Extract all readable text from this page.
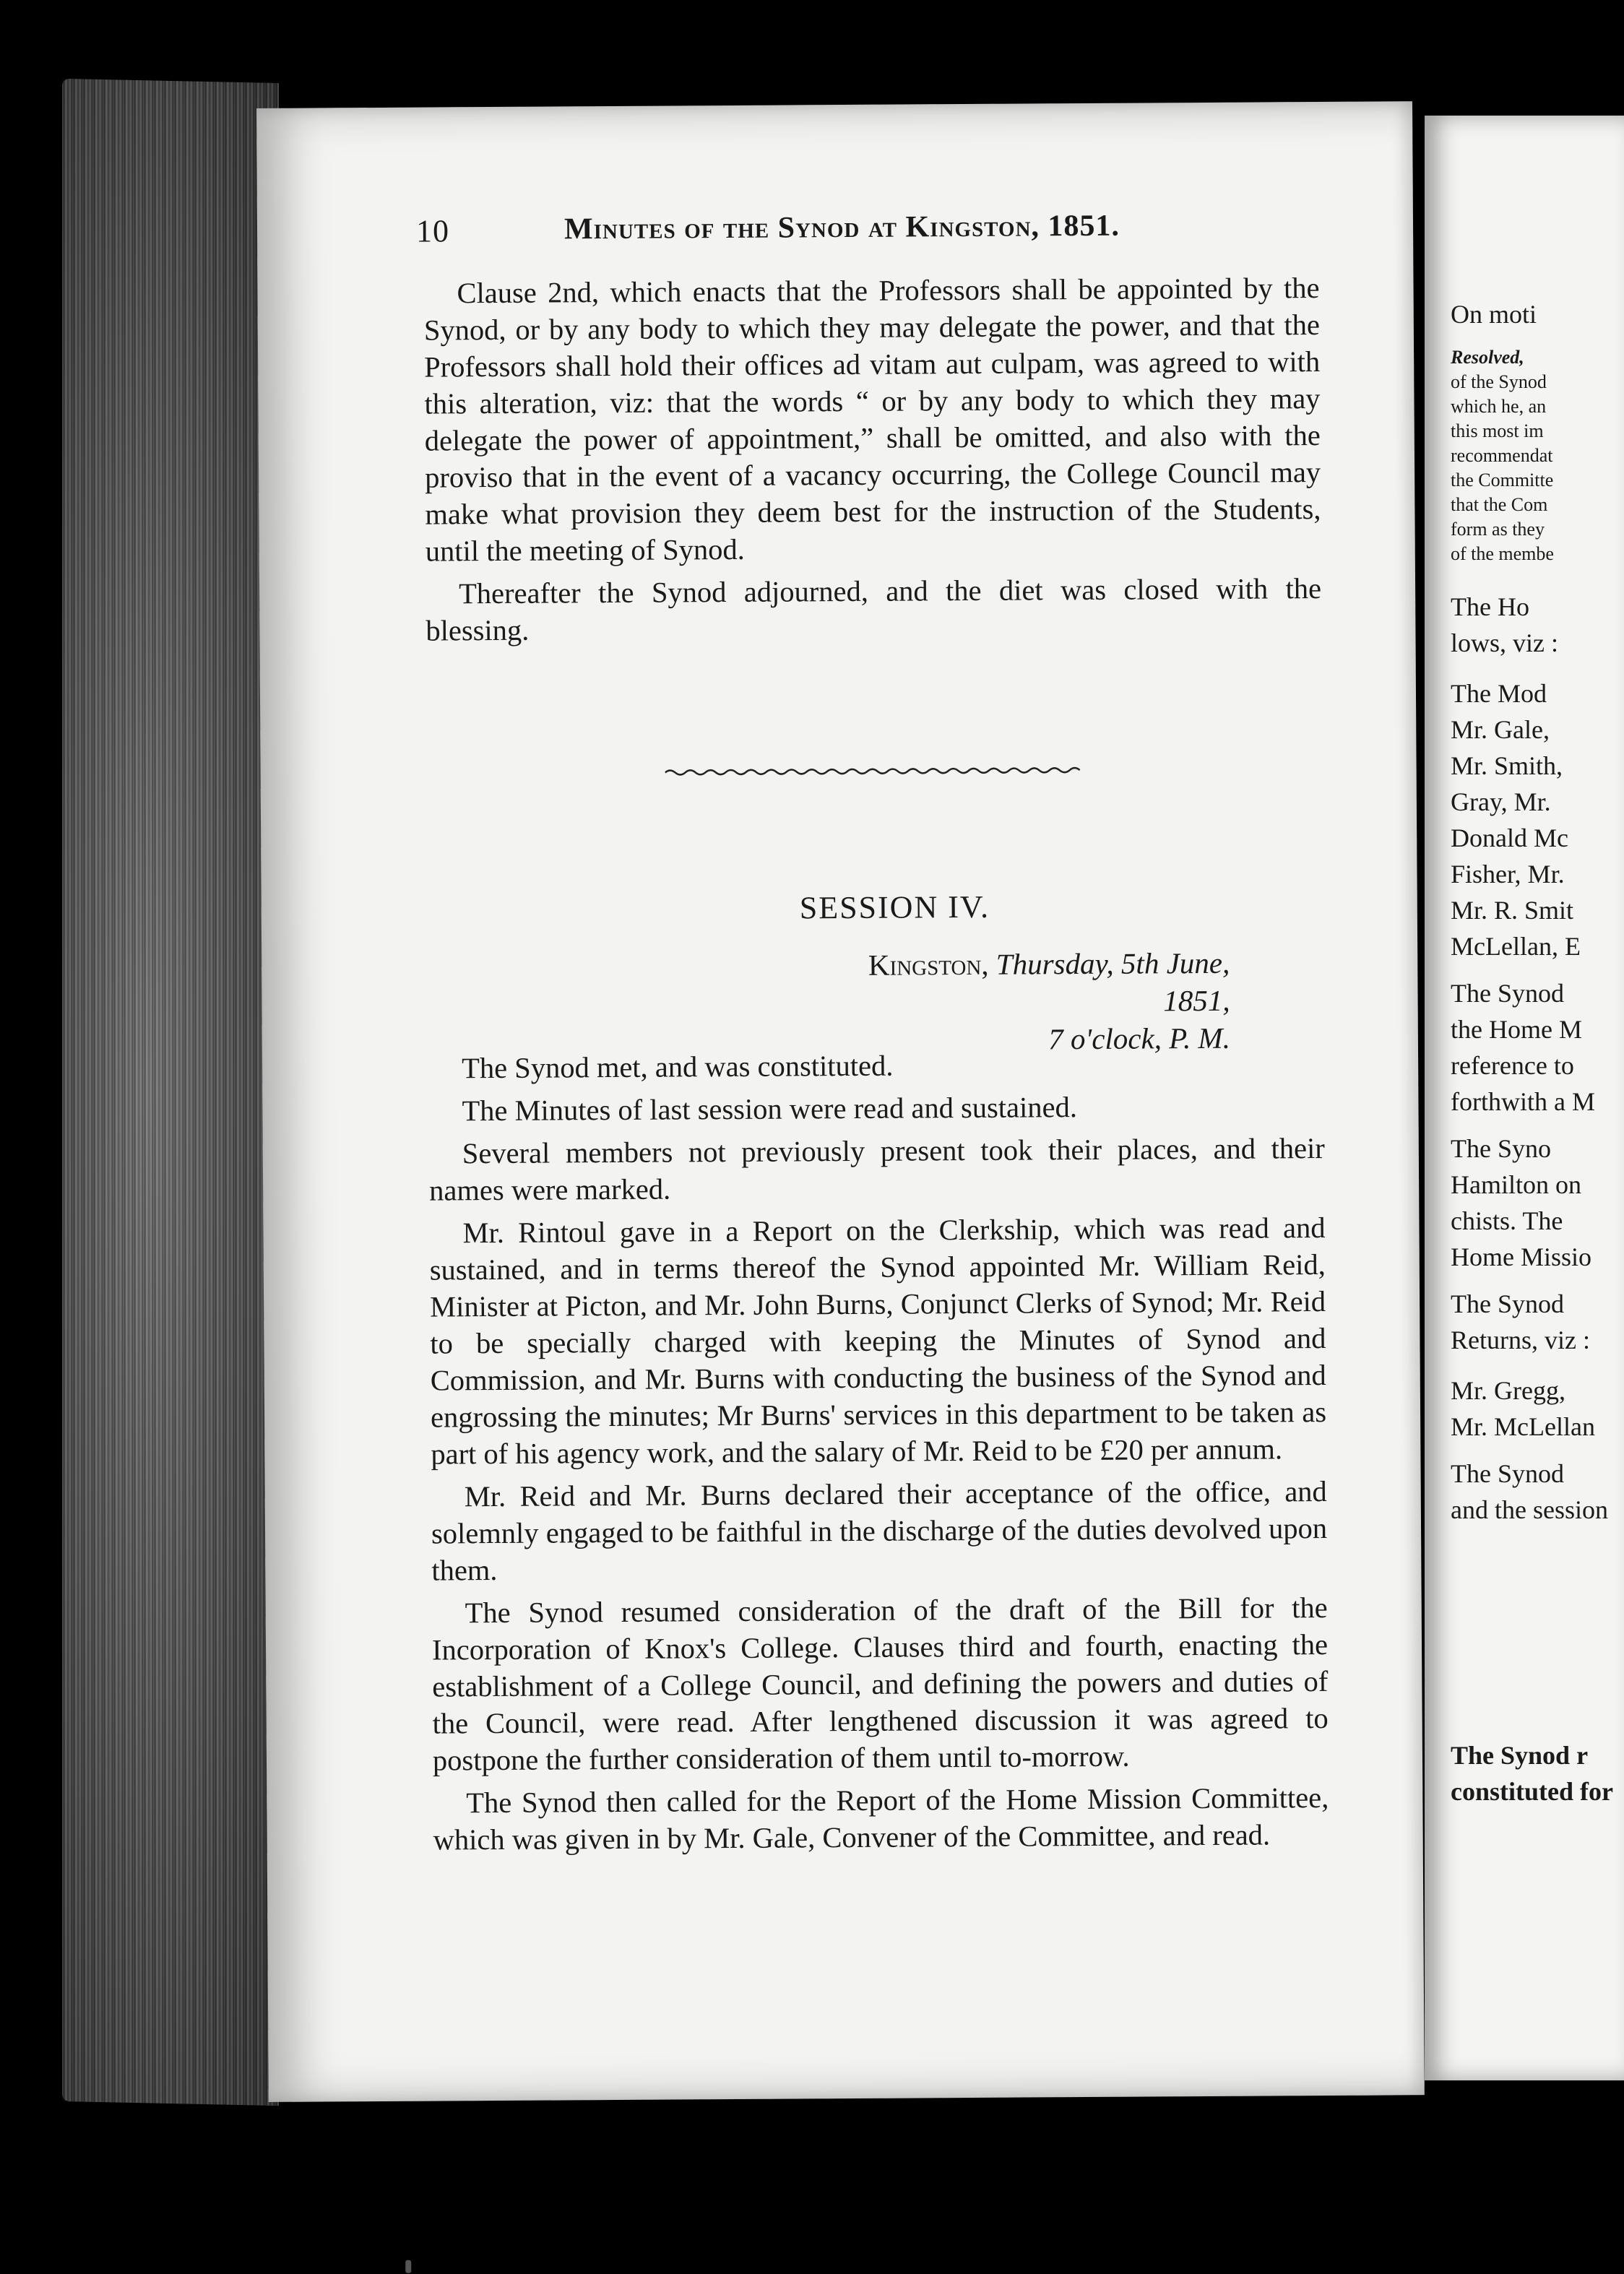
10	Minutes of the Synod at Kingston, 1851.

Clause 2nd, which enacts that the Professors shall be appointed by the Synod, or by any body to which they may delegate the power, and that the Professors shall hold their offices ad vitam aut culpam, was agreed to with this alteration, viz: that the words “ or by any body to which they may delegate the power of appointment,” shall be omitted, and also with the proviso that in the event of a vacancy occurring, the College Council may make what provision they deem best for the instruction of the Students, until the meeting of Synod.

Thereafter the Synod adjourned, and the diet was closed with the blessing.

SESSION IV.
Kingston, Thursday, 5th June, 1851,
7 o'clock, P. M.

The Synod met, and was constituted.

The Minutes of last session were read and sustained.

Several members not previously present took their places, and their names were marked.

Mr. Rintoul gave in a Report on the Clerkship, which was read and sustained, and in terms thereof the Synod appointed Mr. William Reid, Minister at Picton, and Mr. John Burns, Conjunct Clerks of Synod; Mr. Reid to be specially charged with keeping the Minutes of Synod and Commission, and Mr. Burns with conducting the business of the Synod and engrossing the minutes; Mr Burns' services in this department to be taken as part of his agency work, and the salary of Mr. Reid to be £20 per annum.

Mr. Reid and Mr. Burns declared their acceptance of the office, and solemnly engaged to be faithful in the discharge of the duties devolved upon them.

The Synod resumed consideration of the draft of the Bill for the Incorporation of Knox's College. Clauses third and fourth, enacting the establishment of a College Council, and defining the powers and duties of the Council, were read. After lengthened discussion it was agreed to postpone the further consideration of them until to-morrow.

The Synod then called for the Report of the Home Mission Committee, which was given in by Mr. Gale, Convener of the Committee, and read.

On moti
Resolved,
of the Synod
which he, an
this most im
recommendat
the Committe
that the Com
form as they
of the membe
The Ho
lows, viz :
The Mod
Mr. Gale,
Mr. Smith,
Gray, Mr.
Donald Mc
Fisher, Mr.
Mr. R. Smit
McLellan, E
The Synod
the Home M
reference to
forthwith a M
The Syno
Hamilton on
chists. The
Home Missio
The Synod
Returns, viz :
Mr. Gregg,
Mr. McLellan
The Synod
and the session
The Synod r
constituted for
